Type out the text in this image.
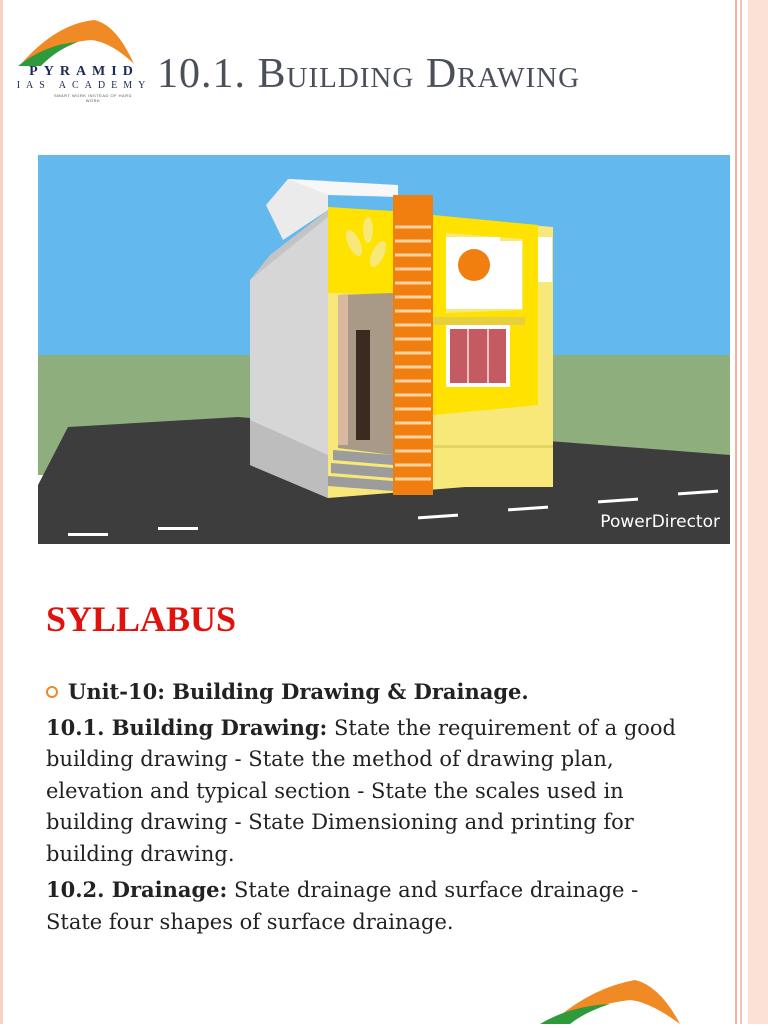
PYRAMID
IAS ACADEMY
SMART WORK INSTEAD OF HARD WORK
10.1. Building Drawing
PowerDirector
SYLLABUS
Unit-10: Building Drawing & Drainage.
10.1. Building Drawing: State the requirement of a good building drawing - State the method of drawing plan, elevation and typical section - State the scales used in building drawing - State Dimensioning and printing for building drawing.
10.2. Drainage: State drainage and surface drainage - State four shapes of surface drainage.
